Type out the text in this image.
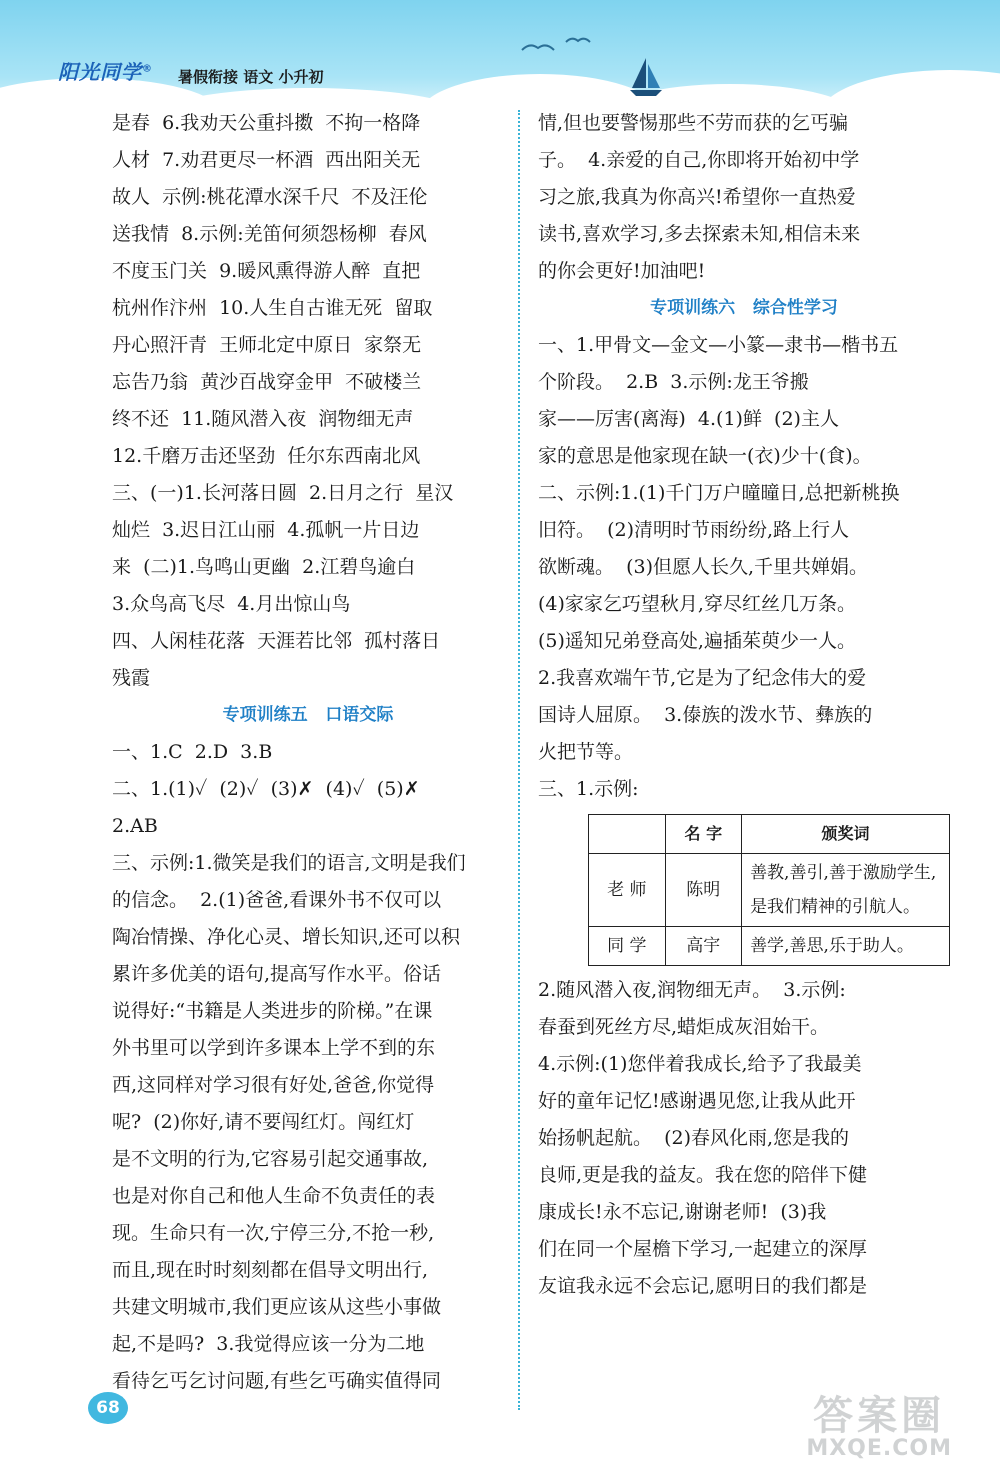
阳光同学® 暑假衔接 语文 小升初
是春  6.我劝天公重抖擞  不拘一格降
人材  7.劝君更尽一杯酒  西出阳关无
故人  示例:桃花潭水深千尺  不及汪伦
送我情  8.示例:羌笛何须怨杨柳  春风
不度玉门关  9.暖风熏得游人醉  直把
杭州作汴州  10.人生自古谁无死  留取
丹心照汗青  王师北定中原日  家祭无
忘告乃翁  黄沙百战穿金甲  不破楼兰
终不还  11.随风潜入夜  润物细无声
12.千磨万击还坚劲  任尔东西南北风
三、(一)1.长河落日圆  2.日月之行  星汉
灿烂  3.迟日江山丽  4.孤帆一片日边
来  (二)1.鸟鸣山更幽  2.江碧鸟逾白
3.众鸟高飞尽  4.月出惊山鸟
四、人闲桂花落  天涯若比邻  孤村落日
残霞
专项训练五   口语交际
一、1.C  2.D  3.B
二、1.(1)✓  (2)✓  (3)✗  (4)✓  (5)✗
2.AB
三、示例:1.微笑是我们的语言,文明是我们
的信念。  2.(1)爸爸,看课外书不仅可以
陶冶情操、净化心灵、增长知识,还可以积
累许多优美的语句,提高写作水平。俗话
说得好:“书籍是人类进步的阶梯。”在课
外书里可以学到许多课本上学不到的东
西,这同样对学习很有好处,爸爸,你觉得
呢?  (2)你好,请不要闯红灯。闯红灯
是不文明的行为,它容易引起交通事故,
也是对你自己和他人生命不负责任的表
现。生命只有一次,宁停三分,不抢一秒,
而且,现在时时刻刻都在倡导文明出行,
共建文明城市,我们更应该从这些小事做
起,不是吗?  3.我觉得应该一分为二地
看待乞丐乞讨问题,有些乞丐确实值得同
情,但也要警惕那些不劳而获的乞丐骗
子。  4.亲爱的自己,你即将开始初中学
习之旅,我真为你高兴!希望你一直热爱
读书,喜欢学习,多去探索未知,相信未来
的你会更好!加油吧!
专项训练六   综合性学习
一、1.甲骨文—金文—小篆—隶书—楷书五
个阶段。  2.B  3.示例:龙王爷搬
家——厉害(离海)  4.(1)鲜  (2)主人
家的意思是他家现在缺一(衣)少十(食)。
二、示例:1.(1)千门万户曈曈日,总把新桃换
旧符。  (2)清明时节雨纷纷,路上行人
欲断魂。  (3)但愿人长久,千里共婵娟。
(4)家家乞巧望秋月,穿尽红丝几万条。
(5)遥知兄弟登高处,遍插茱萸少一人。
2.我喜欢端午节,它是为了纪念伟大的爱
国诗人屈原。  3.傣族的泼水节、彝族的
火把节等。
三、1.示例:
	名 字	颁奖词
老 师	陈明	善教,善引,善于激励学生,是我们精神的引航人。
同 学	高宇	善学,善思,乐于助人。
2.随风潜入夜,润物细无声。  3.示例:
春蚕到死丝方尽,蜡炬成灰泪始干。
4.示例:(1)您伴着我成长,给予了我最美
好的童年记忆!感谢遇见您,让我从此开
始扬帆起航。  (2)春风化雨,您是我的
良师,更是我的益友。我在您的陪伴下健
康成长!永不忘记,谢谢老师!  (3)我
们在同一个屋檐下学习,一起建立的深厚
友谊我永远不会忘记,愿明日的我们都是
68	答案圈
MXQE.COM
